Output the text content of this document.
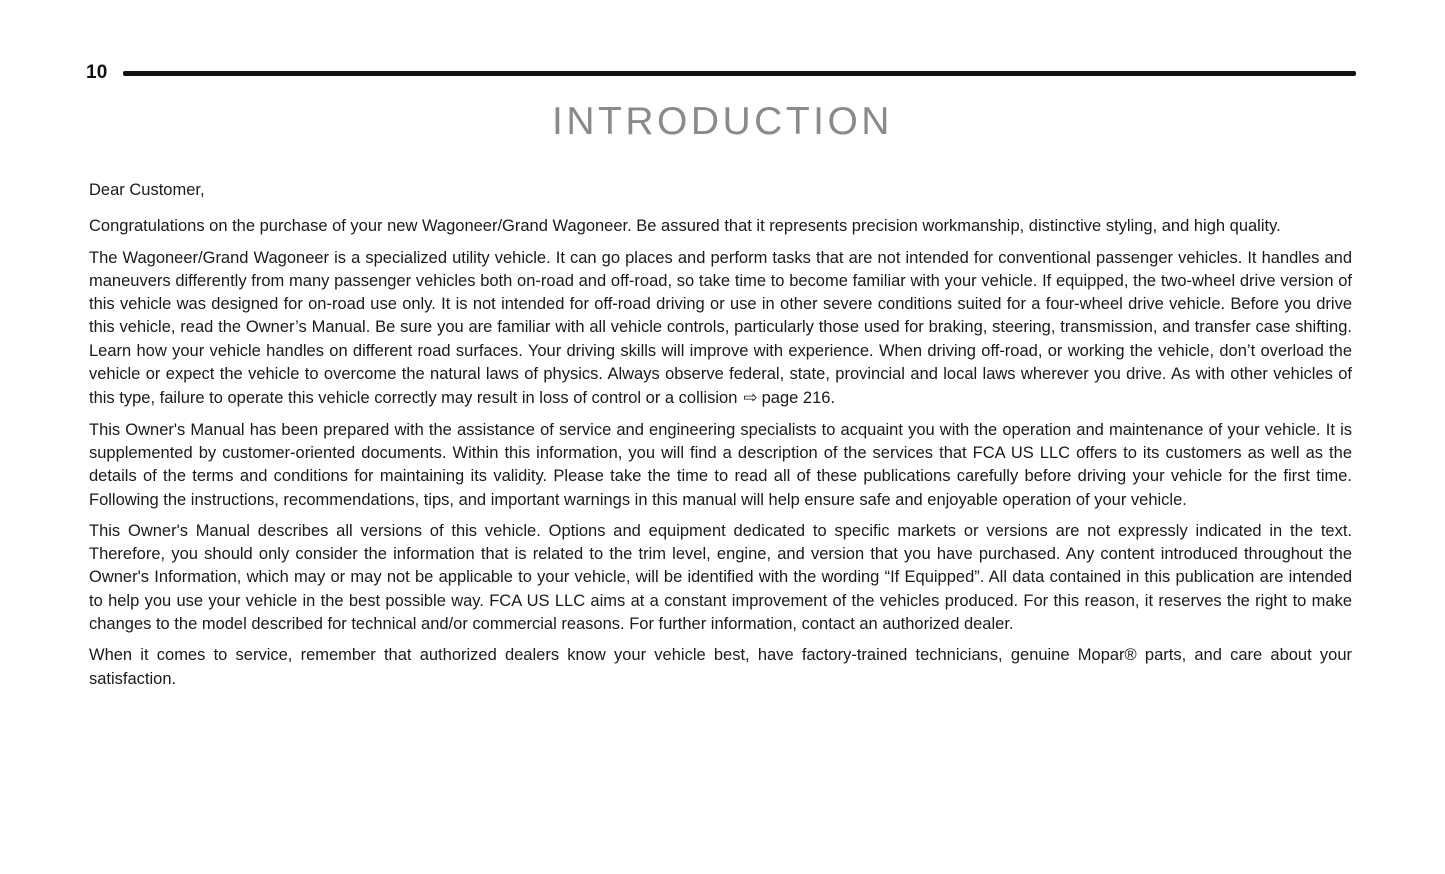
10
INTRODUCTION

Dear Customer,

Congratulations on the purchase of your new Wagoneer/Grand Wagoneer. Be assured that it represents precision workmanship, distinctive styling, and high quality.

The Wagoneer/Grand Wagoneer is a specialized utility vehicle. It can go places and perform tasks that are not intended for conventional passenger vehicles. It handles and maneuvers differently from many passenger vehicles both on-road and off-road, so take time to become familiar with your vehicle. If equipped, the two-wheel drive version of this vehicle was designed for on-road use only. It is not intended for off-road driving or use in other severe conditions suited for a four-wheel drive vehicle. Before you drive this vehicle, read the Owner’s Manual. Be sure you are familiar with all vehicle controls, particularly those used for braking, steering, transmission, and transfer case shifting. Learn how your vehicle handles on different road surfaces. Your driving skills will improve with experience. When driving off-road, or working the vehicle, don’t overload the vehicle or expect the vehicle to overcome the natural laws of physics. Always observe federal, state, provincial and local laws wherever you drive. As with other vehicles of this type, failure to operate this vehicle correctly may result in loss of control or a collision ⇨ page 216.

This Owner's Manual has been prepared with the assistance of service and engineering specialists to acquaint you with the operation and maintenance of your vehicle. It is supplemented by customer-oriented documents. Within this information, you will find a description of the services that FCA US LLC offers to its customers as well as the details of the terms and conditions for maintaining its validity. Please take the time to read all of these publications carefully before driving your vehicle for the first time. Following the instructions, recommendations, tips, and important warnings in this manual will help ensure safe and enjoyable operation of your vehicle.

This Owner's Manual describes all versions of this vehicle. Options and equipment dedicated to specific markets or versions are not expressly indicated in the text. Therefore, you should only consider the information that is related to the trim level, engine, and version that you have purchased. Any content introduced throughout the Owner's Information, which may or may not be applicable to your vehicle, will be identified with the wording “If Equipped”. All data contained in this publication are intended to help you use your vehicle in the best possible way. FCA US LLC aims at a constant improvement of the vehicles produced. For this reason, it reserves the right to make changes to the model described for technical and/or commercial reasons. For further information, contact an authorized dealer.

When it comes to service, remember that authorized dealers know your vehicle best, have factory-trained technicians, genuine Mopar® parts, and care about your satisfaction.
